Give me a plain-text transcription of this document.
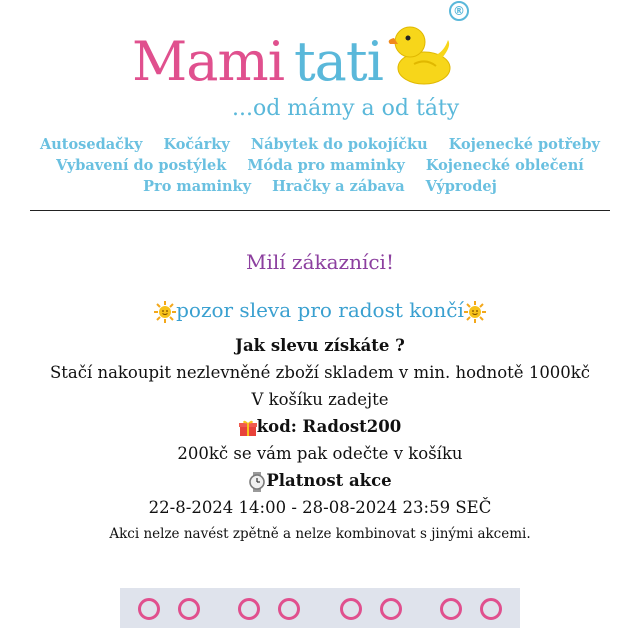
Mami tati
®
...od mámy a od táty
Autosedačky Kočárky Nábytek do pokojíčku Kojenecké potřeby
Vybavení do postýlek Móda pro maminky Kojenecké oblečení
Pro maminky Hračky a zábava Výprodej
Milí zákazníci!
pozor sleva pro radost končí
Jak slevu získáte ?
Stačí nakoupit nezlevněné zboží skladem v min. hodnotě 1000kč
V košíku zadejte
kod: Radost200
200kč se vám pak odečte v košíku
Platnost akce
22-8-2024 14:00 - 28-08-2024 23:59 SEČ
Akci nelze navést zpětně a nelze kombinovat s jinými akcemi.
